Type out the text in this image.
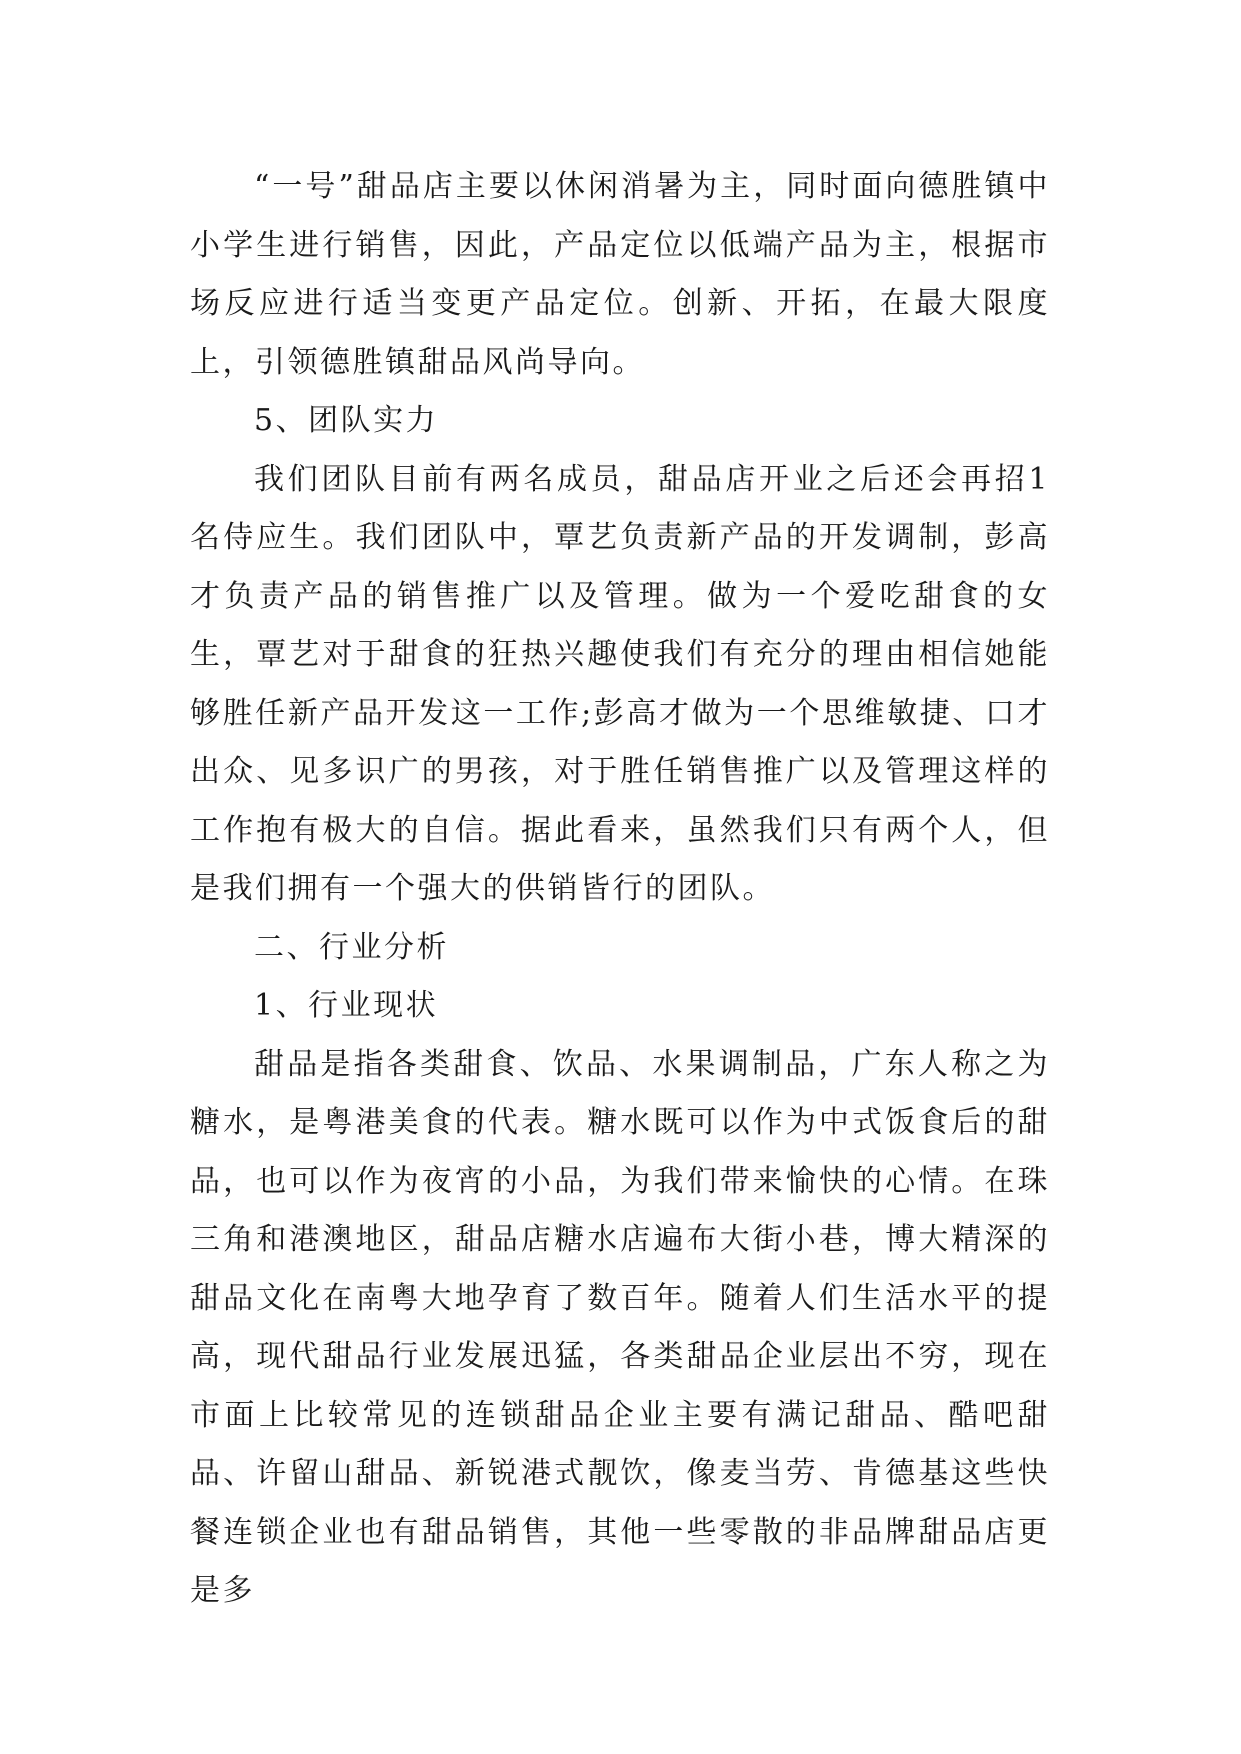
“一号”甜品店主要以休闲消暑为主，同时面向德胜镇中小学生进行销售，因此，产品定位以低端产品为主，根据市场反应进行适当变更产品定位。创新、开拓，在最大限度上，引领德胜镇甜品风尚导向。

5、团队实力

我们团队目前有两名成员，甜品店开业之后还会再招1名侍应生。我们团队中，覃艺负责新产品的开发调制，彭高才负责产品的销售推广以及管理。做为一个爱吃甜食的女生，覃艺对于甜食的狂热兴趣使我们有充分的理由相信她能够胜任新产品开发这一工作;彭高才做为一个思维敏捷、口才出众、见多识广的男孩，对于胜任销售推广以及管理这样的工作抱有极大的自信。据此看来，虽然我们只有两个人，但是我们拥有一个强大的供销皆行的团队。

二、行业分析

1、行业现状

甜品是指各类甜食、饮品、水果调制品，广东人称之为糖水，是粤港美食的代表。糖水既可以作为中式饭食后的甜品，也可以作为夜宵的小品，为我们带来愉快的心情。在珠三角和港澳地区，甜品店糖水店遍布大街小巷，博大精深的甜品文化在南粤大地孕育了数百年。随着人们生活水平的提高，现代甜品行业发展迅猛，各类甜品企业层出不穷，现在市面上比较常见的连锁甜品企业主要有满记甜品、酷吧甜品、许留山甜品、新锐港式靓饮，像麦当劳、肯德基这些快餐连锁企业也有甜品销售，其他一些零散的非品牌甜品店更是多
